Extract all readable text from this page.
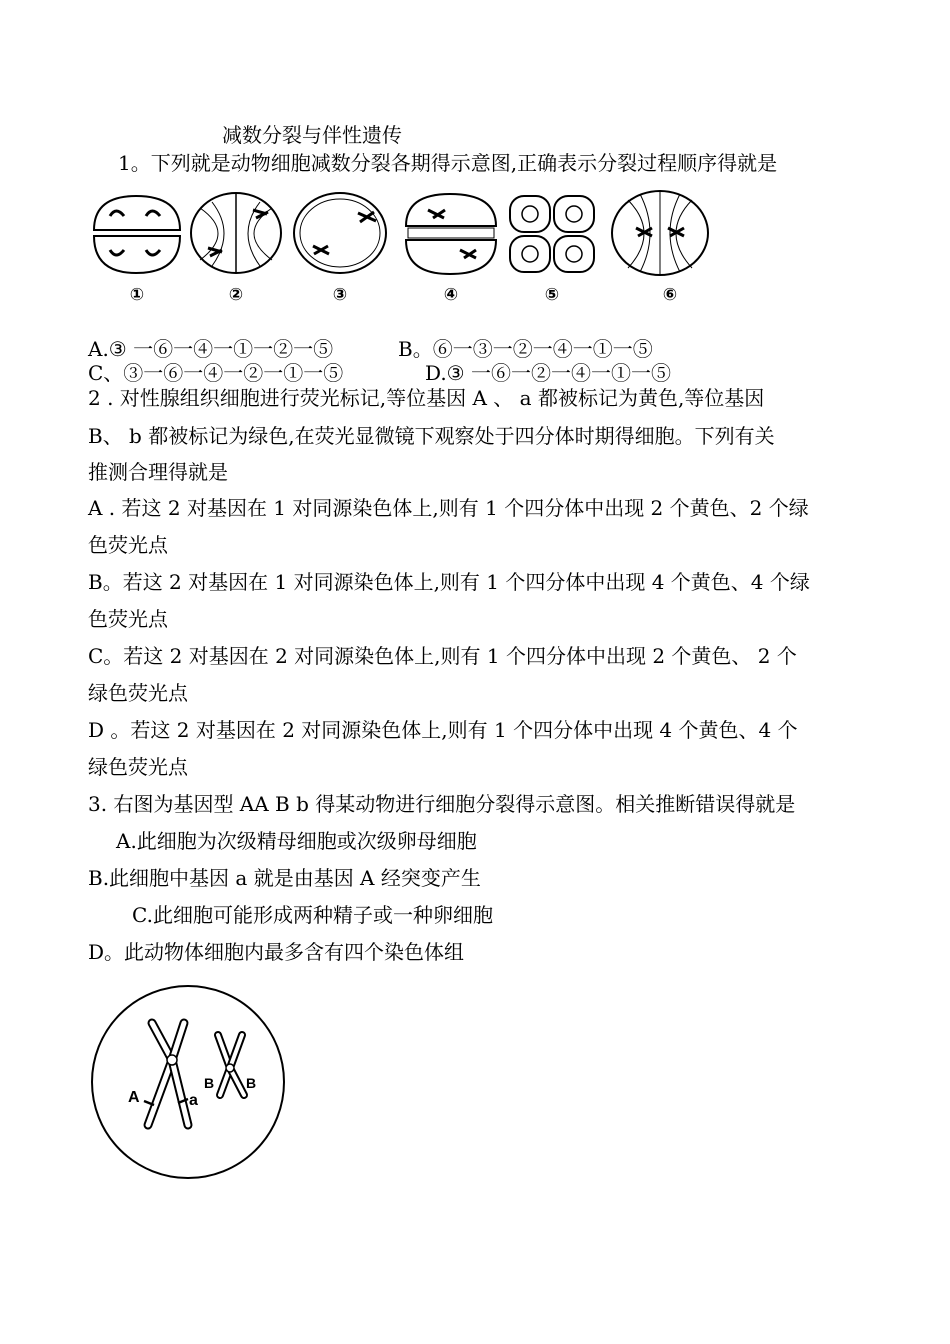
减数分裂与伴性遗传
1。下列就是动物细胞减数分裂各期得示意图,正确表示分裂过程顺序得就是
①	②	③	④	⑤	⑥
A.③ 一⑥一④一①一②一⑤	B。⑥一③一②一④一①一⑤
C、③一⑥一④一②一①一⑤	D.③ 一⑥一②一④一①一⑤
2 . 对性腺组织细胞进行荧光标记,等位基因 A 、 a 都被标记为黄色,等位基因
B、 b 都被标记为绿色,在荧光显微镜下观察处于四分体时期得细胞。下列有关
推测合理得就是
A . 若这 2 对基因在 1 对同源染色体上,则有 1 个四分体中出现 2 个黄色、2 个绿
色荧光点
B。若这 2 对基因在 1 对同源染色体上,则有 1 个四分体中出现 4 个黄色、4 个绿
色荧光点
C。若这 2 对基因在 2 对同源染色体上,则有 1 个四分体中出现 2 个黄色、 2 个
绿色荧光点
D 。若这 2 对基因在 2 对同源染色体上,则有 1 个四分体中出现 4 个黄色、4 个
绿色荧光点
3. 右图为基因型 AA B b 得某动物进行细胞分裂得示意图。相关推断错误得就是
A.此细胞为次级精母细胞或次级卵母细胞
B.此细胞中基因 a 就是由基因 A 经突变产生
C.此细胞可能形成两种精子或一种卵细胞
D。此动物体细胞内最多含有四个染色体组
A	a
B B
